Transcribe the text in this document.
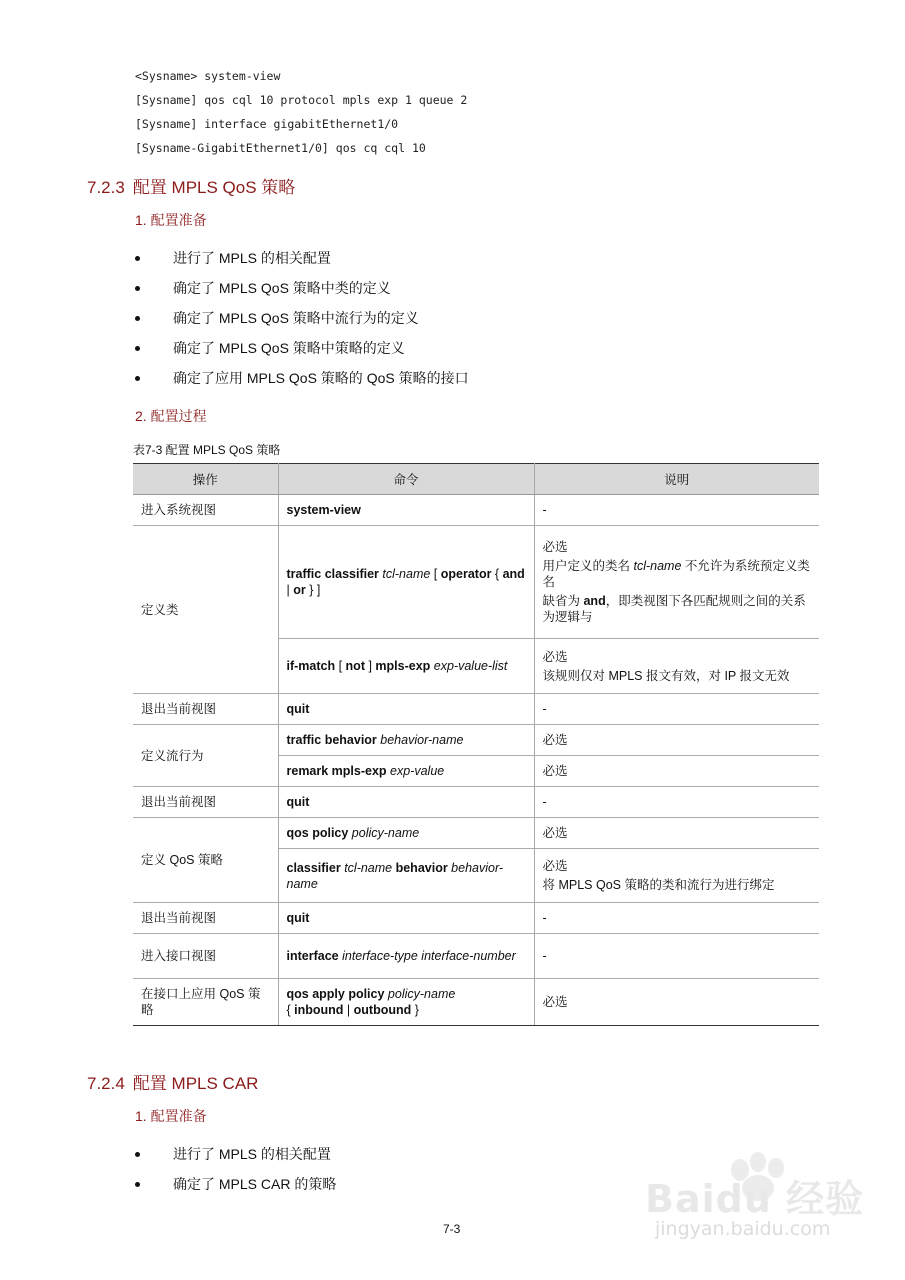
<Sysname> system-view
[Sysname] qos cql 10 protocol mpls exp 1 queue 2
[Sysname] interface gigabitEthernet1/0
[Sysname-GigabitEthernet1/0] qos cq cql 10
7.2.3 配置 MPLS QoS 策略
1. 配置准备
进行了 MPLS 的相关配置
确定了 MPLS QoS 策略中类的定义
确定了 MPLS QoS 策略中流行为的定义
确定了 MPLS QoS 策略中策略的定义
确定了应用 MPLS QoS 策略的 QoS 策略的接口
2. 配置过程
表7-3 配置 MPLS QoS 策略
操作	命令	说明
进入系统视图	system-view	-
定义类	traffic classifier tcl-name [ operator { and | or } ]	必选
用户定义的类名 tcl-name 不允许为系统预定义类名
缺省为 and，即类视图下各匹配规则之间的关系为逻辑与

	if-match [ not ] mpls-exp exp-value-list	必选
该规则仅对 MPLS 报文有效，对 IP 报文无效

退出当前视图	quit	-
定义流行为	traffic behavior behavior-name	必选
	remark mpls-exp exp-value	必选
退出当前视图	quit	-
定义 QoS 策略	qos policy policy-name	必选
	classifier tcl-name behavior behavior-name	必选
将 MPLS QoS 策略的类和流行为进行绑定

退出当前视图	quit	-
进入接口视图	interface interface-type interface-number	-
在接口上应用 QoS 策略	qos apply policy policy-name
{ inbound | outbound }	必选
7.2.4 配置 MPLS CAR
1. 配置准备
进行了 MPLS 的相关配置
确定了 MPLS CAR 的策略
7-3
Baidu 经验
jingyan.baidu.com
